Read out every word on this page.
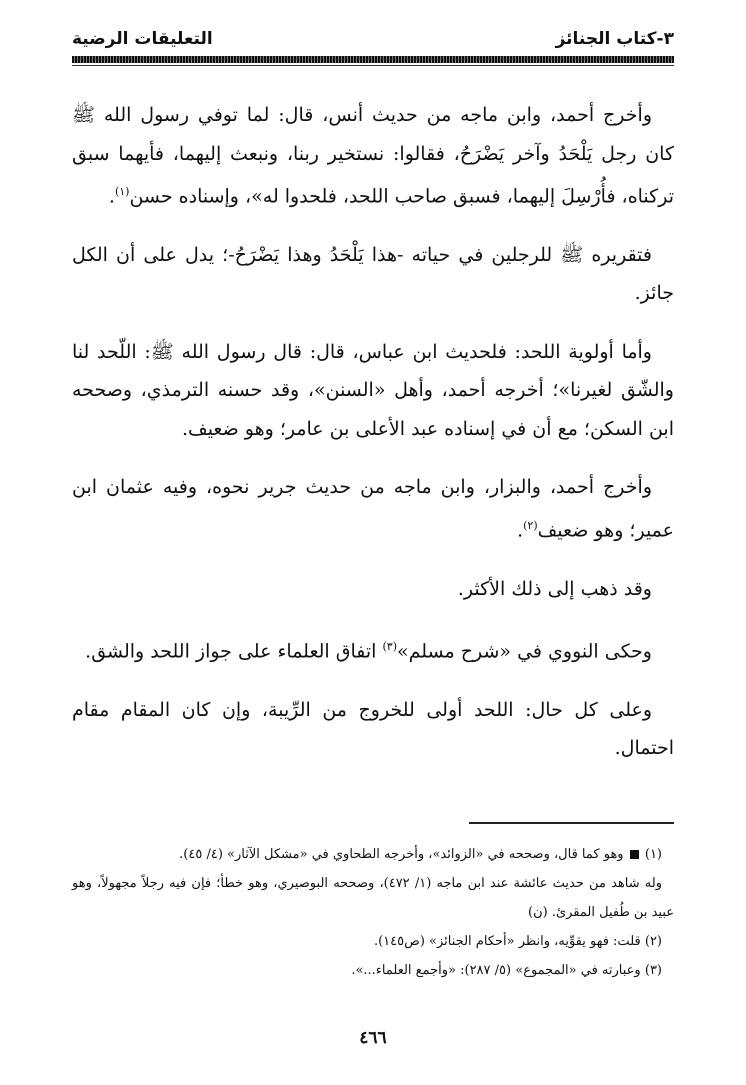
٣-كتاب الجنائز
التعليقات الرضية

وأخرج أحمد، وابن ماجه من حديث أنس، قال: لما توفي رسول الله ﷺ كان رجل يَلْحَدُ وآخر يَضْرَحُ، فقالوا: نستخير ربنا، ونبعث إليهما، فأيهما سبق تركناه، فأُرْسِلَ إليهما، فسبق صاحب اللحد، فلحدوا له»، وإسناده حسن$^{(١)}$.

فتقريره ﷺ للرجلين في حياته -هذا يَلْحَدُ وهذا يَضْرَحُ-؛ يدل على أن الكل جائز.

وأما أولوية اللحد: فلحديث ابن عباس، قال: قال رسول الله ﷺ: اللّحد لنا والشّق لغيرنا»؛ أخرجه أحمد، وأهل «السنن»، وقد حسنه الترمذي، وصححه ابن السكن؛ مع أن في إسناده عبد الأعلى بن عامر؛ وهو ضعيف.

وأخرج أحمد، والبزار، وابن ماجه من حديث جرير نحوه، وفيه عثمان ابن عمير؛ وهو ضعيف$^{(٢)}$.

وقد ذهب إلى ذلك الأكثر.

وحكى النووي في «شرح مسلم»$^{(٣)}$ اتفاق العلماء على جواز اللحد والشق.

وعلى كل حال: اللحد أولى للخروج من الرِّيبة، وإن كان المقام مقام احتمال.

(١)  وهو كما قال، وصححه في «الزوائد»، وأخرجه الطحاوي في «مشكل الآثار» (٤/ ٤٥).

وله شاهد من حديث عائشة عند ابن ماجه (١/ ٤٧٢)، وصححه البوصيري، وهو خطأ؛ فإن فيه رجلاً مجهولاً، وهو عبيد بن طُفيل المقرئ. (ن)

(٢) قلت: فهو يقوِّيه، وانظر «أحكام الجنائز» (ص١٤٥).

(٣) وعبارته في «المجموع» (٥/ ٢٨٧): «وأجمع العلماء...».

٤٦٦
